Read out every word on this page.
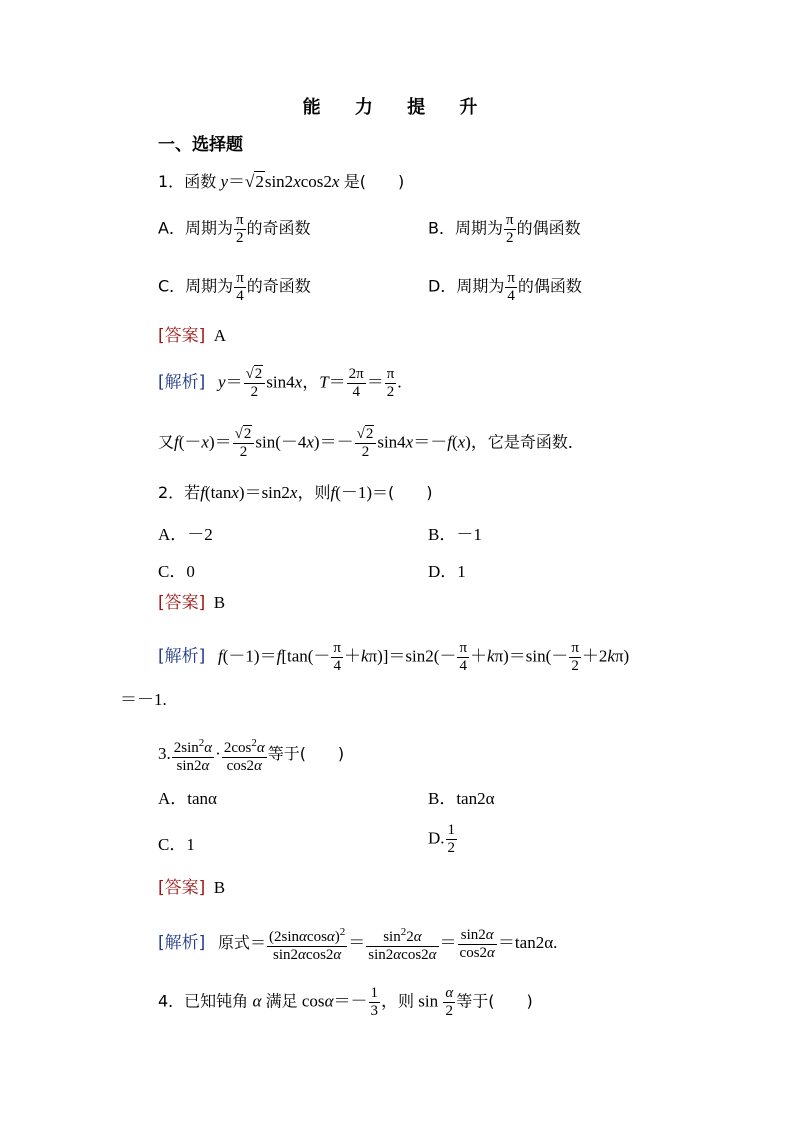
能 力 提 升
一、选择题
1．函数 y＝√2sin2xcos2x 是(　　)
A．周期为 $\frac{\pi}{2}$ 的奇函数	B．周期为 $\frac{\pi}{2}$ 的偶函数
C．周期为 $\frac{\pi}{4}$ 的奇函数	D．周期为 $\frac{\pi}{4}$ 的偶函数
[答案] A
[解析] $y= \frac{√2}{2} \sin 4x$，$T= \frac{2\pi}{4} = \frac{\pi}{2}$ .
又$f(-x)= \frac{√2}{2} \sin(-4x)=- \frac{√2}{2} \sin 4x=-f(x)$，它是奇函数．
2．若f(tanx)＝sin2x，则f(－1)＝(　　)
A．－2	B．－1
C．0	D．1
[答案] B
[解析] $f(-1)=f[\tan(- \frac{\pi}{4} +k\pi)]=\sin 2(- \frac{\pi}{4} +k\pi)=\sin(- \frac{\pi}{2} +2k\pi)$
＝－1.
3. $\frac{2\sin^2\alpha}{\sin 2\alpha} \cdot \frac{2\cos^2\alpha}{\cos 2\alpha}$ 等于(　　)
A．tanα	B．tan2α
C．1	D. $\frac{1}{2}$
[答案] B
[解析] 原式＝ $\frac{(2\sin\alpha\cos\alpha)^2}{\sin 2\alpha\cos 2\alpha} = \frac{\sin^22\alpha}{\sin 2\alpha\cos 2\alpha} = \frac{\sin 2\alpha}{\cos 2\alpha} =\tan 2\alpha$.
4．已知钝角 α 满足 $\cos\alpha=- \frac{1}{3}$ ，则 $\sin \frac{\alpha}{2}$ 等于(　　)
